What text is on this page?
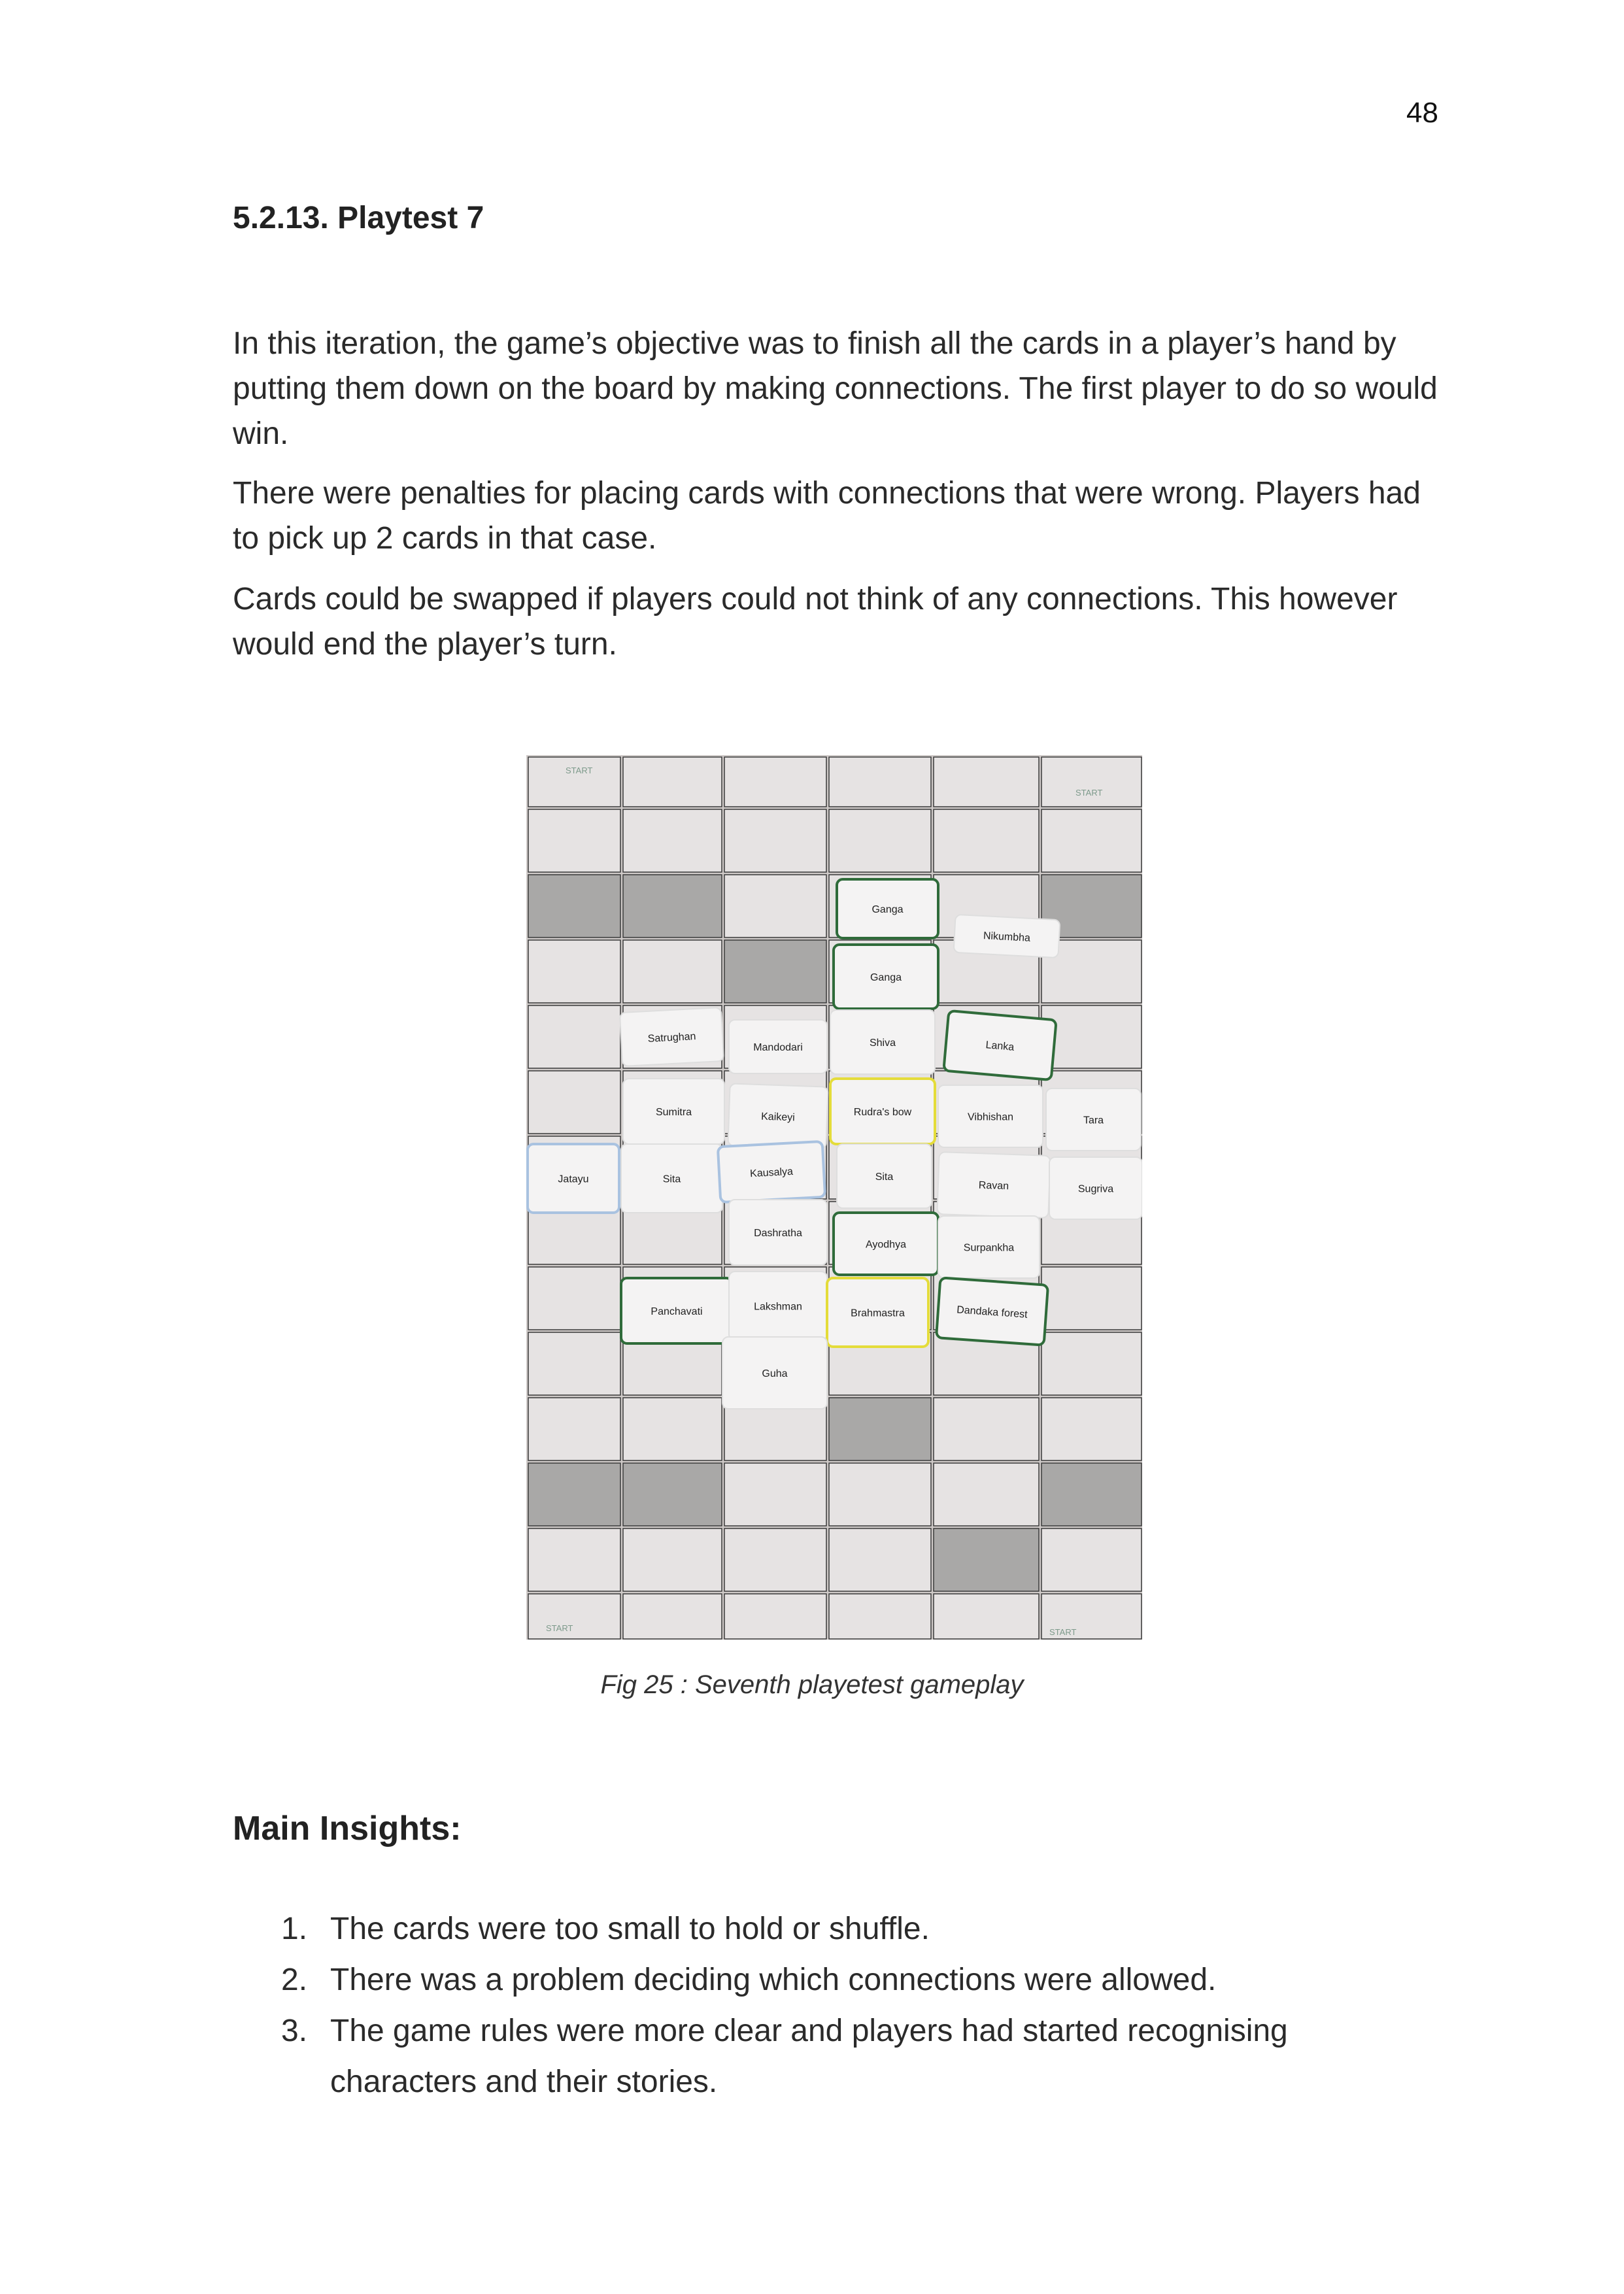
48
5.2.13. Playtest 7
In this iteration, the game’s objective was to finish all the cards in a player’s hand by putting them down on the board by making connections. The first player to do so would win.
There were penalties for placing cards with connections that were wrong. Players had to pick up 2 cards in that case.
Cards could be swapped if players could not think of any connections. This however would end the player’s turn.
START
START
START	START
Ganga
Nikumbha
Ganga
Satrughan
Mandodari	Shiva	Lanka
Sumitra	Kaikeyi	Rudra's bow	Vibhishan	Tara
Jatayu	Sita	Kausalya	Sita
Ravan	Sugriva
Dashratha
Ayodhya	Surpankha
Panchavati	Lakshman
Brahmastra	Dandaka forest
Guha
Fig 25 : Seventh playetest gameplay
Main Insights:
1. The cards were too small to hold or shuffle.
2. There was a problem deciding which connections were allowed.
3. The game rules were more clear and players had started recognising characters and their stories.
